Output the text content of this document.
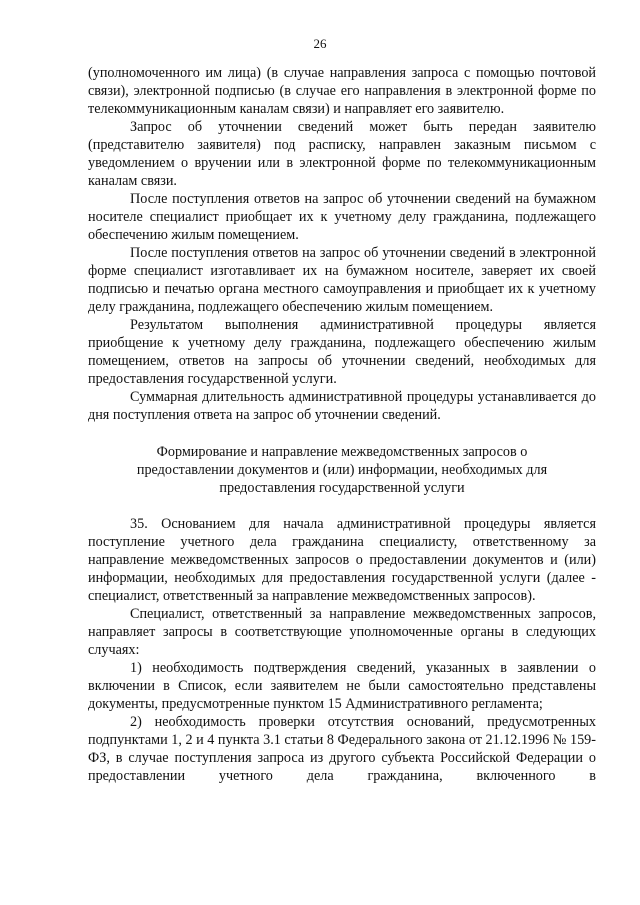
26

(уполномоченного им лица) (в случае направления запроса с помощью почтовой связи), электронной подписью (в случае его направления в электронной форме по телекоммуникационным каналам связи) и направляет его заявителю.

Запрос об уточнении сведений может быть передан заявителю (представителю заявителя) под расписку, направлен заказным письмом с уведомлением о вручении или в электронной форме по телекоммуникационным каналам связи.

После поступления ответов на запрос об уточнении сведений на бумажном носителе специалист приобщает их к учетному делу гражданина, подлежащего обеспечению жилым помещением.

После поступления ответов на запрос об уточнении сведений в электронной форме специалист изготавливает их на бумажном носителе, заверяет их своей подписью и печатью органа местного самоуправления и приобщает их к учетному делу гражданина, подлежащего обеспечению жилым помещением.

Результатом выполнения административной процедуры является приобщение к учетному делу гражданина, подлежащего обеспечению жилым помещением, ответов на запросы об уточнении сведений, необходимых для предоставления государственной услуги.

Суммарная длительность административной процедуры устанавливается до дня поступления ответа на запрос об уточнении сведений.

Формирование и направление межведомственных запросов о предоставлении документов и (или) информации, необходимых для предоставления государственной услуги

35. Основанием для начала административной процедуры является поступление учетного дела гражданина специалисту, ответственному за направление межведомственных запросов о предоставлении документов и (или) информации, необходимых для предоставления государственной услуги (далее - специалист, ответственный за направление межведомственных запросов).

Специалист, ответственный за направление межведомственных запросов, направляет запросы в соответствующие уполномоченные органы в следующих случаях:

1) необходимость подтверждения сведений, указанных в заявлении о включении в Список, если заявителем не были самостоятельно представлены документы, предусмотренные пунктом 15 Административного регламента;

2) необходимость проверки отсутствия оснований, предусмотренных подпунктами 1, 2 и 4 пункта 3.1 статьи 8 Федерального закона от 21.12.1996 № 159-ФЗ, в случае поступления запроса из другого субъекта Российской Федерации о предоставлении учетного дела гражданина, включенного в
